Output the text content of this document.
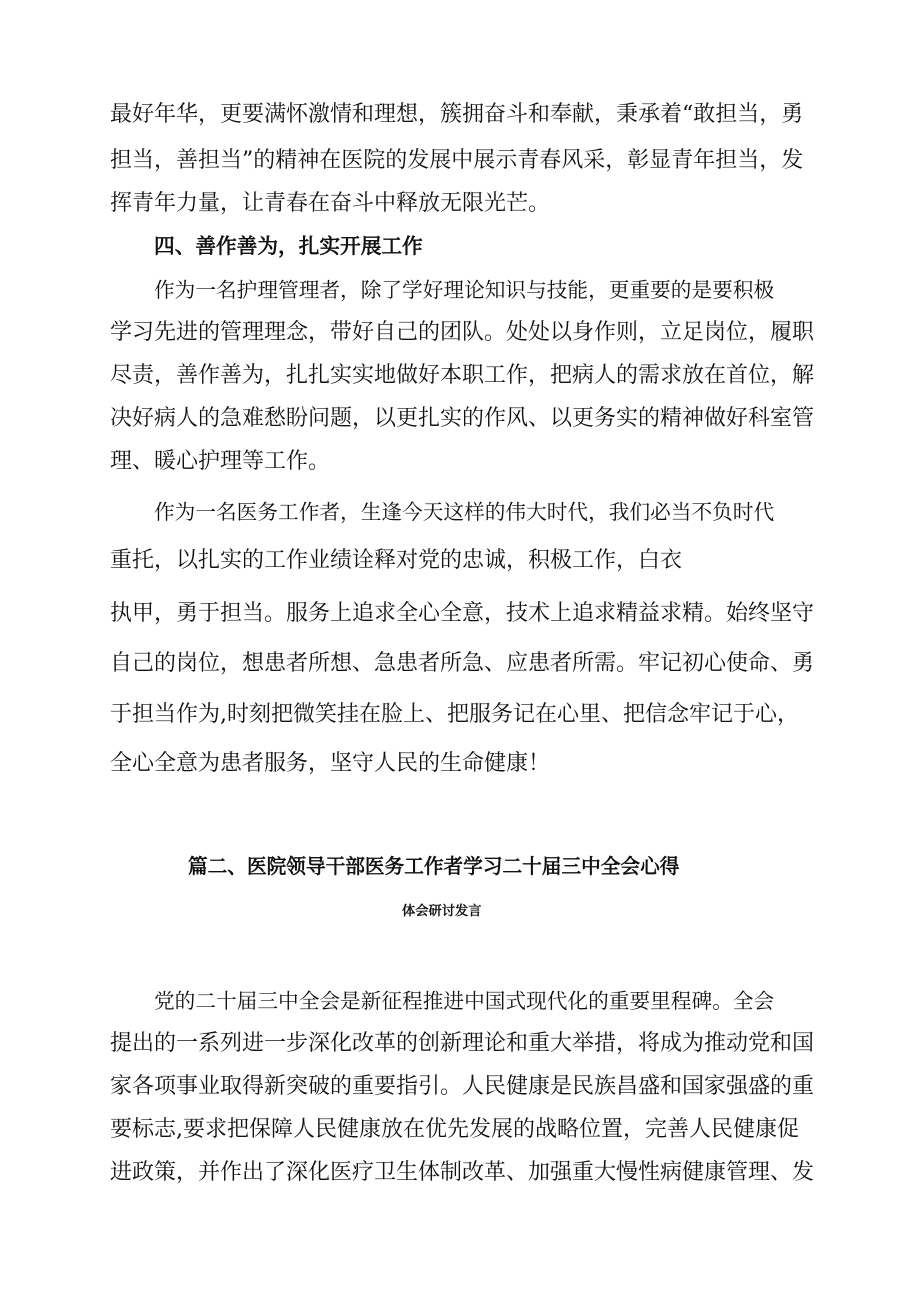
最好年华，更要满怀激情和理想，簇拥奋斗和奉献，秉承着“敢担当，勇
担当，善担当”的精神在医院的发展中展示青春风采，彰显青年担当，发
挥青年力量，让青春在奋斗中释放无限光芒。
四、善作善为，扎实开展工作
作为一名护理管理者，除了学好理论知识与技能，更重要的是要积极
学习先进的管理理念，带好自己的团队。处处以身作则，立足岗位，履职
尽责，善作善为，扎扎实实地做好本职工作，把病人的需求放在首位，解
决好病人的急难愁盼问题，以更扎实的作风、以更务实的精神做好科室管
理、暖心护理等工作。
作为一名医务工作者，生逢今天这样的伟大时代，我们必当不负时代
重托，以扎实的工作业绩诠释对党的忠诚，积极工作，白衣
执甲，勇于担当。服务上追求全心全意，技术上追求精益求精。始终坚守
自己的岗位，想患者所想、急患者所急、应患者所需。牢记初心使命、勇
于担当作为,时刻把微笑挂在脸上、把服务记在心里、把信念牢记于心，
全心全意为患者服务，坚守人民的生命健康！
篇二、医院领导干部医务工作者学习二十届三中全会心得
体会研讨发言
党的二十届三中全会是新征程推进中国式现代化的重要里程碑。全会
提出的一系列进一步深化改革的创新理论和重大举措，将成为推动党和国
家各项事业取得新突破的重要指引。人民健康是民族昌盛和国家强盛的重
要标志,要求把保障人民健康放在优先发展的战略位置，完善人民健康促
进政策，并作出了深化医疗卫生体制改革、加强重大慢性病健康管理、发
